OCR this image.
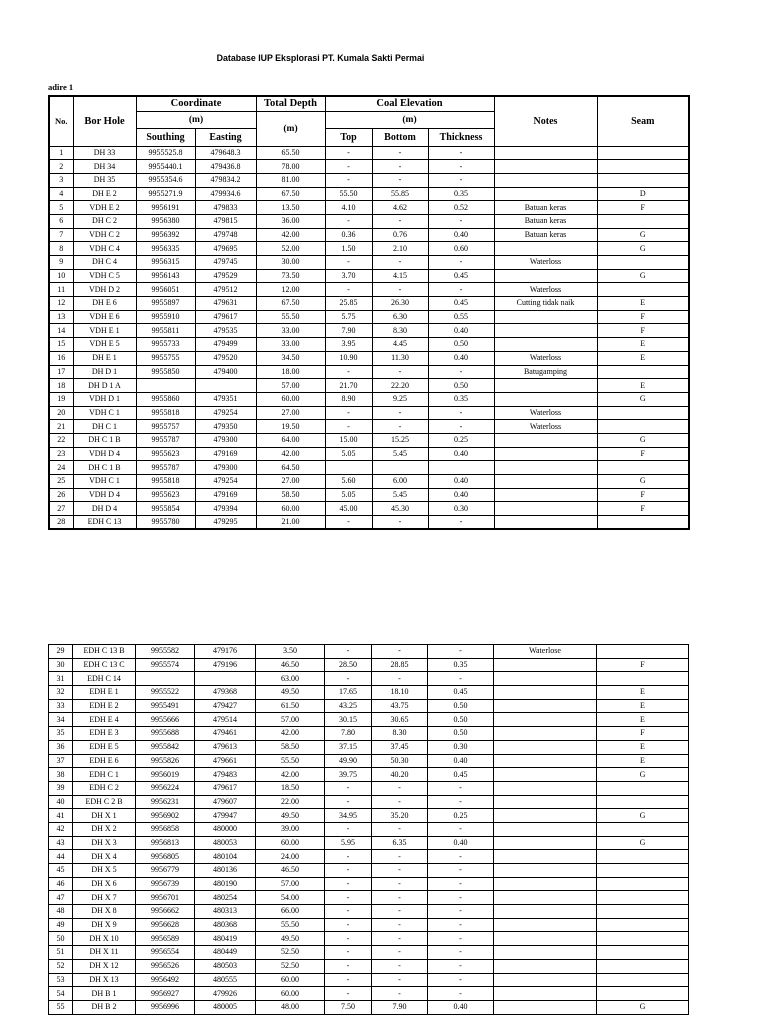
Database IUP Eksplorasi PT. Kumala Sakti Permai
adire 1
No.	Bor Hole	Coordinate		Total Depth	Coal Elevation			Notes	Seam
		(m)		(m)	(m)				
		Southing	Easting		Top	Bottom	Thickness		
1	DH 33	9955525.8	479648.3	65.50	-	-	-		
2	DH 34	9955440.1	479436.8	78.00	-	-	-		
3	DH 35	9955354.6	479834.2	81.00	-	-	-		
4	DH E 2	9955271.9	479934.6	67.50	55.50	55.85	0.35		D
5	VDH E 2	9956191	479833	13.50	4.10	4.62	0.52	Batuan keras	F
6	DH C 2	9956380	479815	36.00	-	-	-	Batuan keras	
7	VDH C 2	9956392	479748	42.00	0.36	0.76	0.40	Batuan keras	G
8	VDH C 4	9956335	479695	52.00	1.50	2.10	0.60		G
9	DH C 4	9956315	479745	30.00	-	-	-	Waterloss	
10	VDH C 5	9956143	479529	73.50	3.70	4.15	0.45		G
11	VDH D 2	9956051	479512	12.00	-	-	-	Waterloss	
12	DH E 6	9955897	479631	67.50	25.85	26.30	0.45	Cutting tidak naik	E
13	VDH E 6	9955910	479617	55.50	5.75	6.30	0.55		F
14	VDH E 1	9955811	479535	33.00	7.90	8.30	0.40		F
15	VDH E 5	9955733	479499	33.00	3.95	4.45	0.50		E
16	DH E 1	9955755	479520	34.50	10.90	11.30	0.40	Waterloss	E
17	DH D 1	9955850	479400	18.00	-	-	-	Batugamping	
18	DH D 1 A			57.00	21.70	22.20	0.50		E
19	VDH D 1	9955860	479351	60.00	8.90	9.25	0.35		G
20	VDH C 1	9955818	479254	27.00	-	-	-	Waterloss	
21	DH C 1	9955757	479350	19.50	-	-	-	Waterloss	
22	DH C 1 B	9955787	479300	64.00	15.00	15.25	0.25		G
23	VDH D 4	9955623	479169	42.00	5.05	5.45	0.40		F
24	DH C 1 B	9955787	479300	64.50					
25	VDH C 1	9955818	479254	27.00	5.60	6.00	0.40		G
26	VDH D 4	9955623	479169	58.50	5.05	5.45	0.40		F
27	DH D 4	9955854	479394	60.00	45.00	45.30	0.30		F
28	EDH C 13	9955780	479295	21.00	-	-	-		
29	EDH C 13 B	9955582	479176	3.50	-	-	-	Waterlose	
30	EDH C 13 C	9955574	479196	46.50	28.50	28.85	0.35		F
31	EDH C 14			63.00	-	-	-		
32	EDH E 1	9955522	479368	49.50	17.65	18.10	0.45		E
33	EDH E 2	9955491	479427	61.50	43.25	43.75	0.50		E
34	EDH E 4	9955666	479514	57.00	30.15	30.65	0.50		E
35	EDH E 3	9955688	479461	42.00	7.80	8.30	0.50		F
36	EDH E 5	9955842	479613	58.50	37.15	37.45	0.30		E
37	EDH E 6	9955826	479661	55.50	49.90	50.30	0.40		E
38	EDH C 1	9956019	479483	42.00	39.75	40.20	0.45		G
39	EDH C 2	9956224	479617	18.50	-	-	-		
40	EDH C 2 B	9956231	479607	22.00	-	-	-		
41	DH X 1	9956902	479947	49.50	34.95	35.20	0.25		G
42	DH X 2	9956858	480000	39.00	-	-	-		
43	DH X 3	9956813	480053	60.00	5.95	6.35	0.40		G
44	DH X 4	9956805	480104	24.00	-	-	-		
45	DH X 5	9956779	480136	46.50	-	-	-		
46	DH X 6	9956739	480190	57.00	-	-	-		
47	DH X 7	9956701	480254	54.00	-	-	-		
48	DH X 8	9956662	480313	66.00	-	-	-		
49	DH X 9	9956628	480368	55.50	-	-	-		
50	DH X 10	9956589	480419	49.50	-	-	-		
51	DH X 11	9956554	480449	52.50	-	-	-		
52	DH X 12	9956526	480503	52.50	-	-	-		
53	DH X 13	9956492	480555	60.00	-	-	-		
54	DH B 1	9956927	479926	60.00	-	-	-		
55	DH B 2	9956996	480005	48.00	7.50	7.90	0.40		G
